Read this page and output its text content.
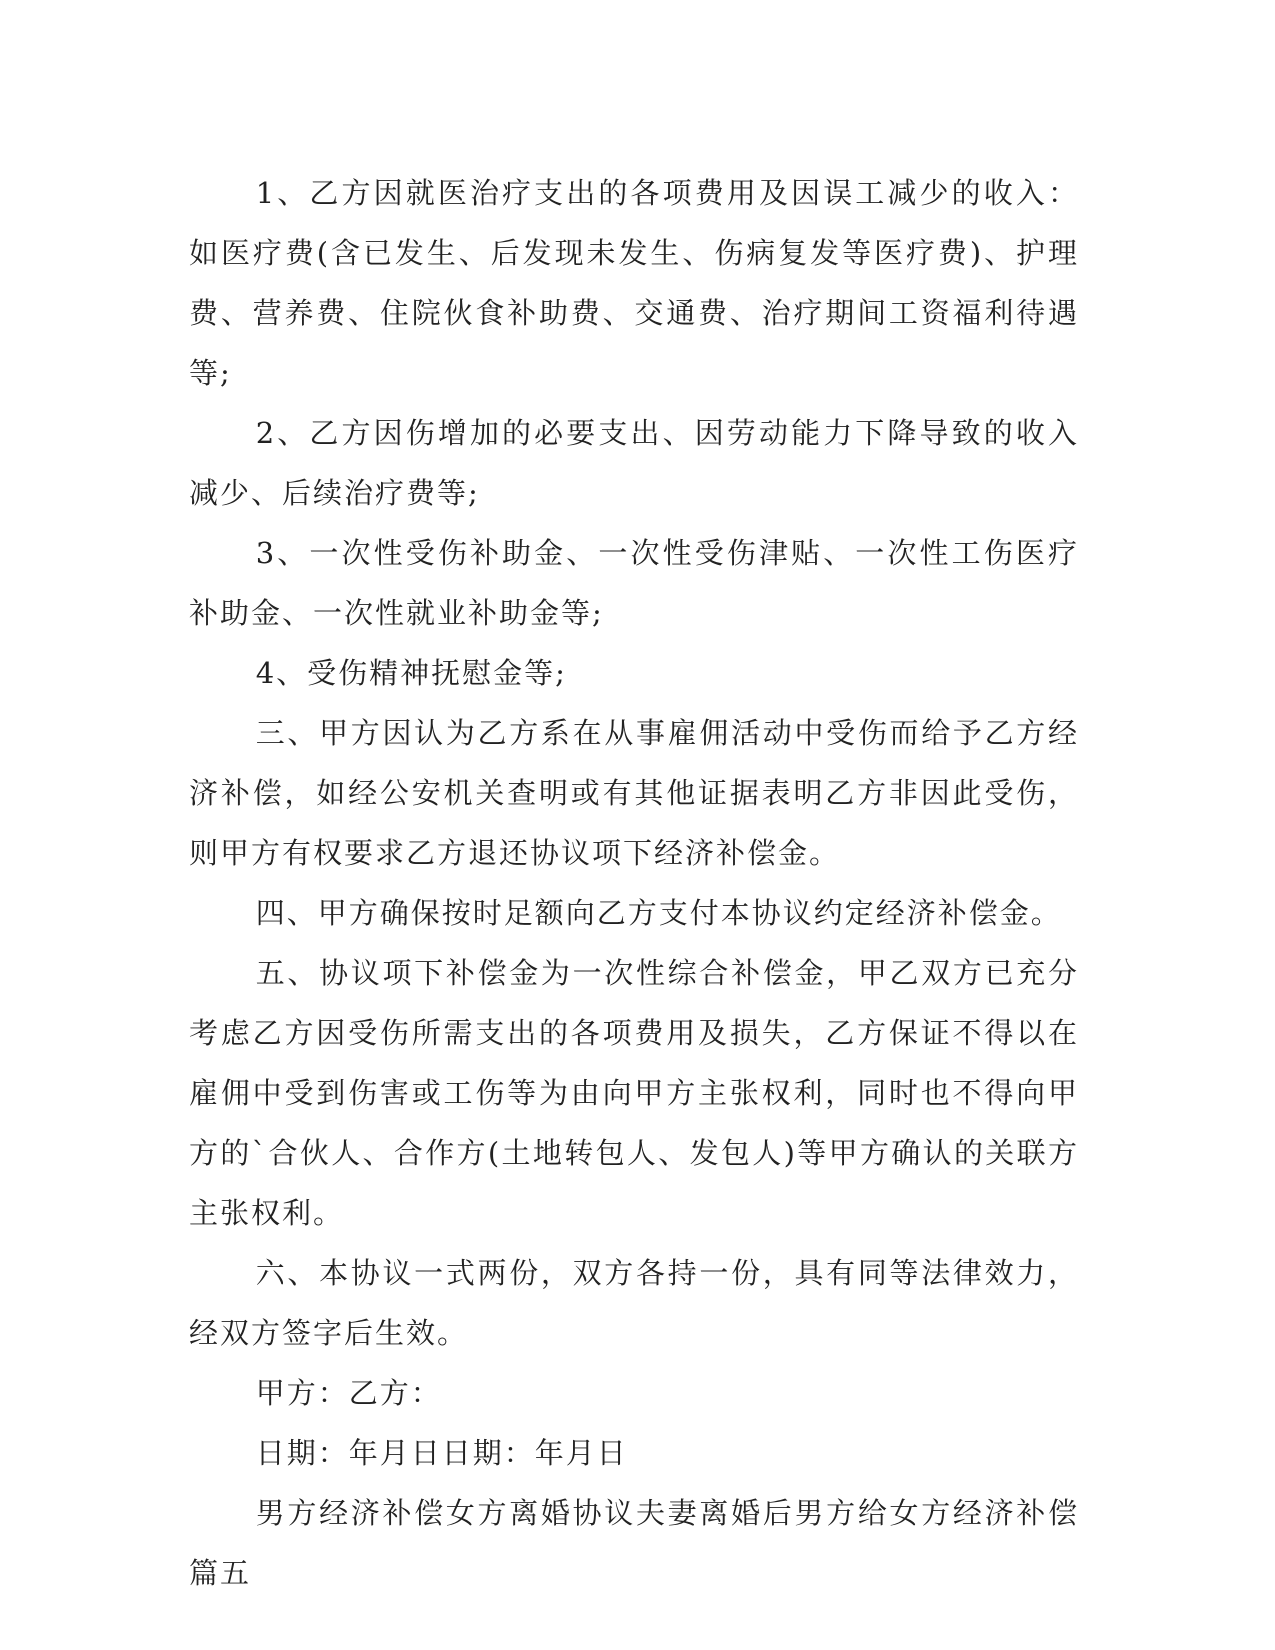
1、乙方因就医治疗支出的各项费用及因误工减少的收入：如医疗费(含已发生、后发现未发生、伤病复发等医疗费)、护理费、营养费、住院伙食补助费、交通费、治疗期间工资福利待遇等;

2、乙方因伤增加的必要支出、因劳动能力下降导致的收入减少、后续治疗费等;

3、一次性受伤补助金、一次性受伤津贴、一次性工伤医疗补助金、一次性就业补助金等;

4、受伤精神抚慰金等;

三、甲方因认为乙方系在从事雇佣活动中受伤而给予乙方经济补偿，如经公安机关查明或有其他证据表明乙方非因此受伤，则甲方有权要求乙方退还协议项下经济补偿金。

四、甲方确保按时足额向乙方支付本协议约定经济补偿金。

五、协议项下补偿金为一次性综合补偿金，甲乙双方已充分考虑乙方因受伤所需支出的各项费用及损失，乙方保证不得以在雇佣中受到伤害或工伤等为由向甲方主张权利，同时也不得向甲方的`合伙人、合作方(土地转包人、发包人)等甲方确认的关联方主张权利。

六、本协议一式两份，双方各持一份，具有同等法律效力，经双方签字后生效。

甲方：乙方：

日期：年月日日期：年月日

男方经济补偿女方离婚协议夫妻离婚后男方给女方经济补偿篇五
